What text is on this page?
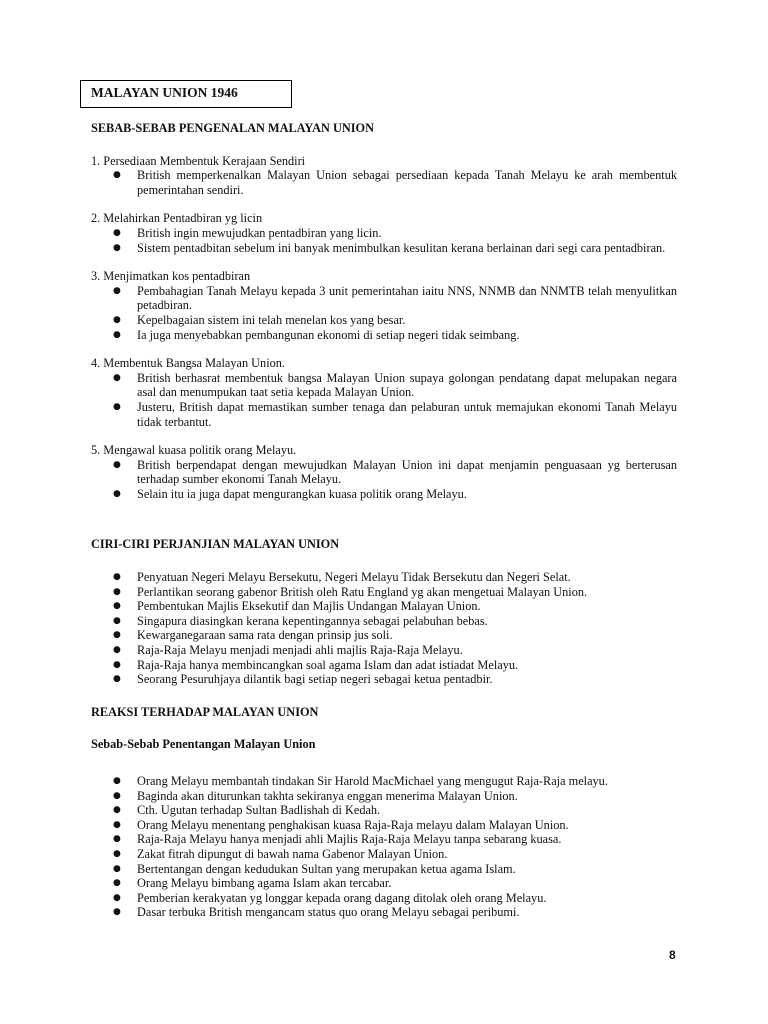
MALAYAN UNION 1946

SEBAB-SEBAB PENGENALAN MALAYAN UNION

1. Persediaan Membentuk Kerajaan Sendiri

● British memperkenalkan Malayan Union sebagai persediaan kepada Tanah Melayu ke arah membentuk pemerintahan sendiri.

2. Melahirkan Pentadbiran yg licin

● British ingin mewujudkan pentadbiran yang licin.
● Sistem pentadbitan sebelum ini banyak menimbulkan kesulitan kerana berlainan dari segi cara pentadbiran.

3. Menjimatkan kos pentadbiran

● Pembahagian Tanah Melayu kepada 3 unit pemerintahan iaitu NNS, NNMB dan NNMTB telah menyulitkan petadbiran.
● Kepelbagaian sistem ini telah menelan kos yang besar.
● Ia juga menyebabkan pembangunan ekonomi di setiap negeri tidak seimbang.

4. Membentuk Bangsa Malayan Union.

● British berhasrat membentuk bangsa Malayan Union supaya golongan pendatang dapat melupakan negara asal dan menumpukan taat setia kepada Malayan Union.
● Justeru, British dapat memastikan sumber tenaga dan pelaburan untuk memajukan ekonomi Tanah Melayu tidak terbantut.

5. Mengawal kuasa politik orang Melayu.

● British berpendapat dengan mewujudkan Malayan Union ini dapat menjamin penguasaan yg berterusan terhadap sumber ekonomi Tanah Melayu.
● Selain itu ia juga dapat mengurangkan kuasa politik orang Melayu.

CIRI-CIRI PERJANJIAN MALAYAN UNION

● Penyatuan Negeri Melayu Bersekutu, Negeri Melayu Tidak Bersekutu dan Negeri Selat.
● Perlantikan seorang gabenor British oleh Ratu England yg akan mengetuai Malayan Union.
● Pembentukan Majlis Eksekutif dan Majlis Undangan Malayan Union.
● Singapura diasingkan kerana kepentingannya sebagai pelabuhan bebas.
● Kewarganegaraan sama rata dengan prinsip jus soli.
● Raja-Raja Melayu menjadi menjadi ahli majlis Raja-Raja Melayu.
● Raja-Raja hanya membincangkan soal agama Islam dan adat istiadat Melayu.
● Seorang Pesuruhjaya dilantik bagi setiap negeri sebagai ketua pentadbir.

REAKSI TERHADAP MALAYAN UNION

Sebab-Sebab Penentangan Malayan Union

● Orang Melayu membantah tindakan Sir Harold MacMichael yang mengugut Raja-Raja melayu.
● Baginda akan diturunkan takhta sekiranya enggan menerima Malayan Union.
● Cth. Ugutan terhadap Sultan Badlishah di Kedah.
● Orang Melayu menentang penghakisan kuasa Raja-Raja melayu dalam Malayan Union.
● Raja-Raja Melayu hanya menjadi ahli Majlis Raja-Raja Melayu tanpa sebarang kuasa.
● Zakat fitrah dipungut di bawah nama Gabenor Malayan Union.
● Bertentangan dengan kedudukan Sultan yang merupakan ketua agama Islam.
● Orang Melayu bimbang agama Islam akan tercabar.
● Pemberian kerakyatan yg longgar kepada orang dagang ditolak oleh orang Melayu.
● Dasar terbuka British mengancam status quo orang Melayu sebagai peribumi.
8
